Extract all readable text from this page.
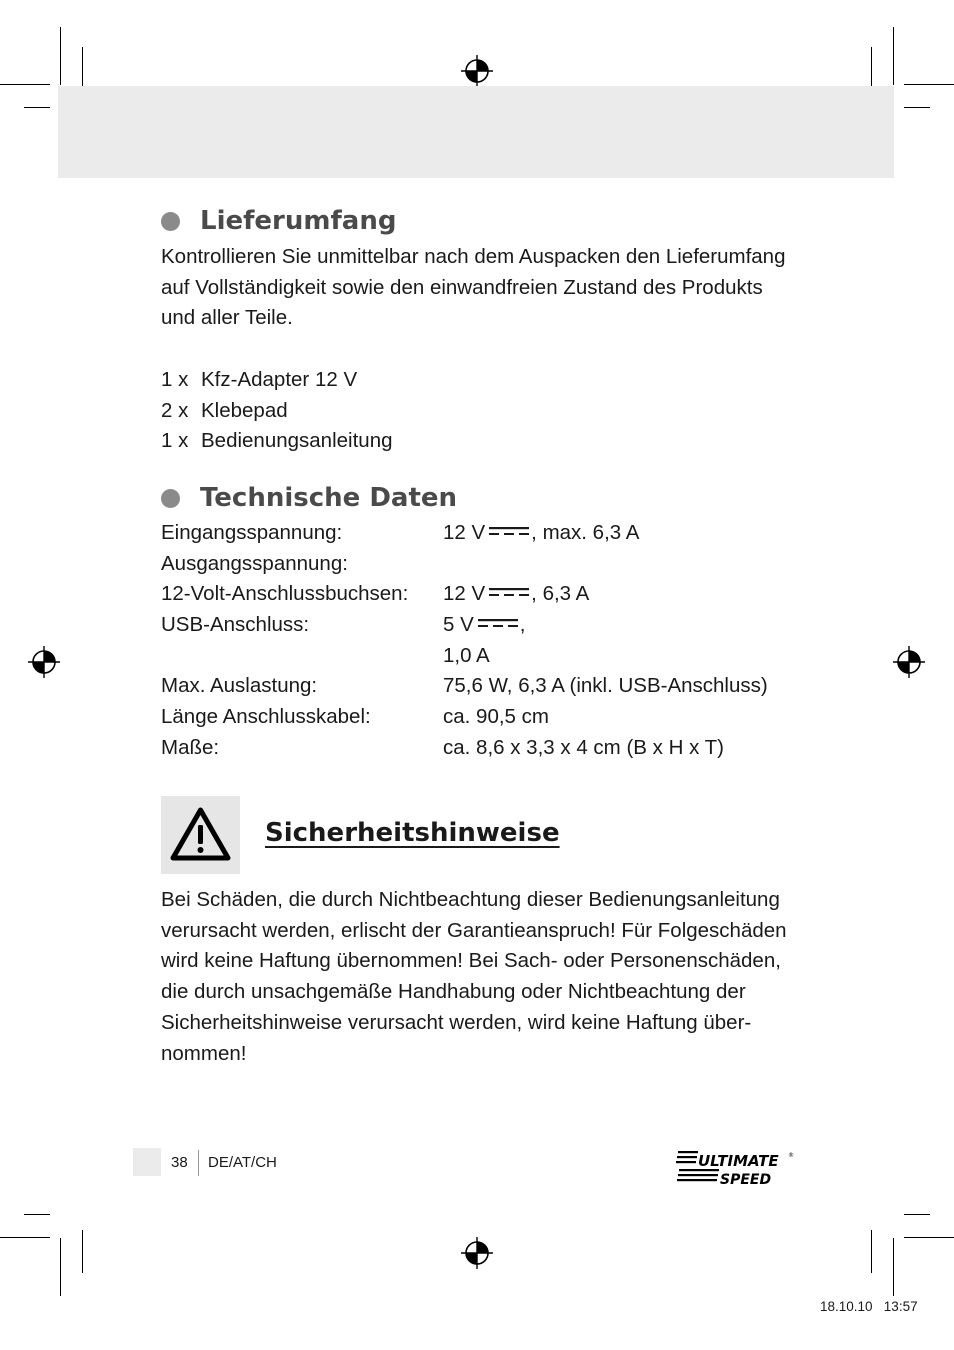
Lieferumfang
Kontrollieren Sie unmittelbar nach dem Auspacken den Lieferumfang
auf Vollständigkeit sowie den einwandfreien Zustand des Produkts
und aller Teile.
1 x Kfz-Adapter 12 V
2 x Klebepad
1 x Bedienungsanleitung
Technische Daten
Eingangsspannung:	12 V , max. 6,3 A
Ausgangsspannung:
12-Volt-Anschlussbuchsen:	12 V , 6,3 A
USB-Anschluss:	5 V ,
1,0 A
Max. Auslastung:	75,6 W, 6,3 A (inkl. USB-Anschluss)
Länge Anschlusskabel:	ca. 90,5 cm
Maße:	ca. 8,6 x 3,3 x 4 cm (B x H x T)
Sicherheitshinweise
Bei Schäden, die durch Nichtbeachtung dieser Bedienungsanleitung
verursacht werden, erlischt der Garantieanspruch! Für Folgeschäden
wird keine Haftung übernommen! Bei Sach- oder Personenschäden,
die durch unsachgemäße Handhabung oder Nichtbeachtung der
Sicherheitshinweise verursacht werden, wird keine Haftung über-
nommen!
38 DE/AT/CH	ULTIMATE
SPEED
®
18.10.10   13:57
